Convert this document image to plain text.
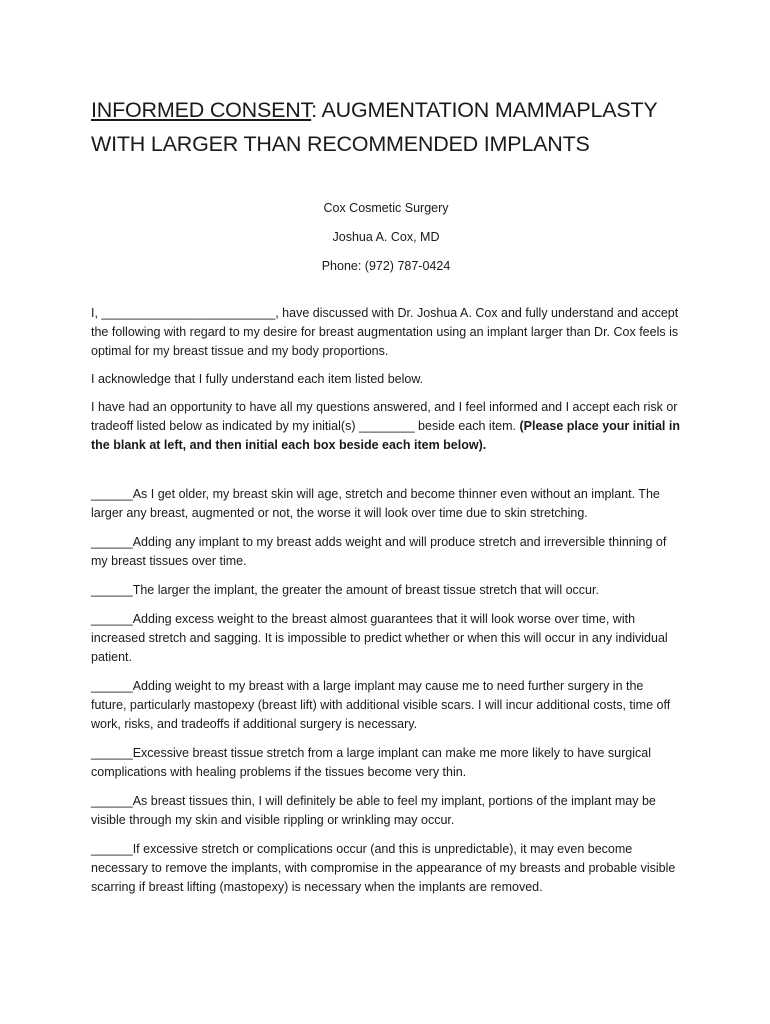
INFORMED CONSENT: AUGMENTATION MAMMAPLASTY
WITH LARGER THAN RECOMMENDED IMPLANTS

Cox Cosmetic Surgery

Joshua A. Cox, MD

Phone: (972) 787-0424

I, _________________________, have discussed with Dr. Joshua A. Cox and fully understand and accept the following with regard to my desire for breast augmentation using an implant larger than Dr. Cox feels is optimal for my breast tissue and my body proportions.

I acknowledge that I fully understand each item listed below.

I have had an opportunity to have all my questions answered, and I feel informed and I accept each risk or tradeoff listed below as indicated by my initial(s) ________ beside each item. (Please place your initial in the blank at left, and then initial each box beside each item below).

______As I get older, my breast skin will age, stretch and become thinner even without an implant. The larger any breast, augmented or not, the worse it will look over time due to skin stretching.

______Adding any implant to my breast adds weight and will produce stretch and irreversible thinning of my breast tissues over time.

______The larger the implant, the greater the amount of breast tissue stretch that will occur.

______Adding excess weight to the breast almost guarantees that it will look worse over time, with increased stretch and sagging. It is impossible to predict whether or when this will occur in any individual patient.

______Adding weight to my breast with a large implant may cause me to need further surgery in the future, particularly mastopexy (breast lift) with additional visible scars. I will incur additional costs, time off work, risks, and tradeoffs if additional surgery is necessary.

______Excessive breast tissue stretch from a large implant can make me more likely to have surgical complications with healing problems if the tissues become very thin.

______As breast tissues thin, I will definitely be able to feel my implant, portions of the implant may be visible through my skin and visible rippling or wrinkling may occur.

______If excessive stretch or complications occur (and this is unpredictable), it may even become necessary to remove the implants, with compromise in the appearance of my breasts and probable visible scarring if breast lifting (mastopexy) is necessary when the implants are removed.
